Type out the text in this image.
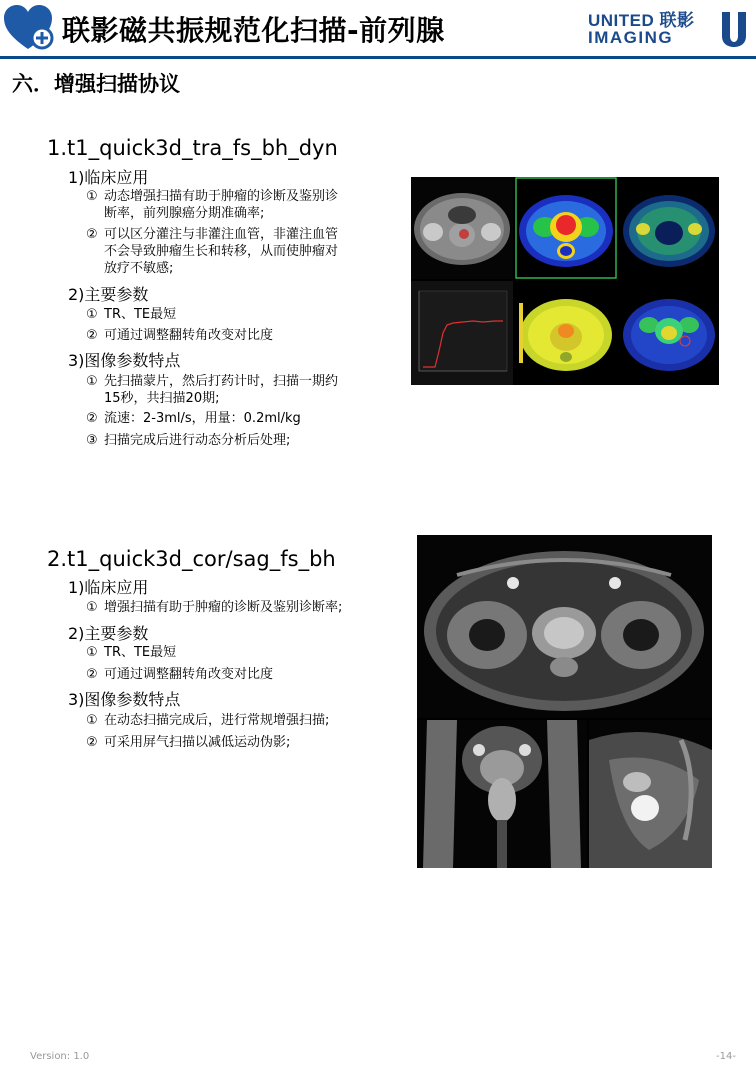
联影磁共振规范化扫描-前列腺	UNITED 联影
IMAGING
六．增强扫描协议
1.t1_quick3d_tra_fs_bh_dyn
1)临床应用
① 动态增强扫描有助于肿瘤的诊断及鉴别诊
断率，前列腺癌分期准确率;
② 可以区分灌注与非灌注血管，非灌注血管
不会导致肿瘤生长和转移，从而使肿瘤对
放疗不敏感;
2)主要参数
① TR、TE最短
② 可通过调整翻转角改变对比度
3)图像参数特点
① 先扫描蒙片，然后打药计时，扫描一期约
15秒，共扫描20期;
② 流速：2-3ml/s，用量：0.2ml/kg
③ 扫描完成后进行动态分析后处理;
2.t1_quick3d_cor/sag_fs_bh
1)临床应用
① 增强扫描有助于肿瘤的诊断及鉴别诊断率;
2)主要参数
① TR、TE最短
② 可通过调整翻转角改变对比度
3)图像参数特点
① 在动态扫描完成后，进行常规增强扫描;
② 可采用屏气扫描以减低运动伪影;
Version: 1.0	-14-
